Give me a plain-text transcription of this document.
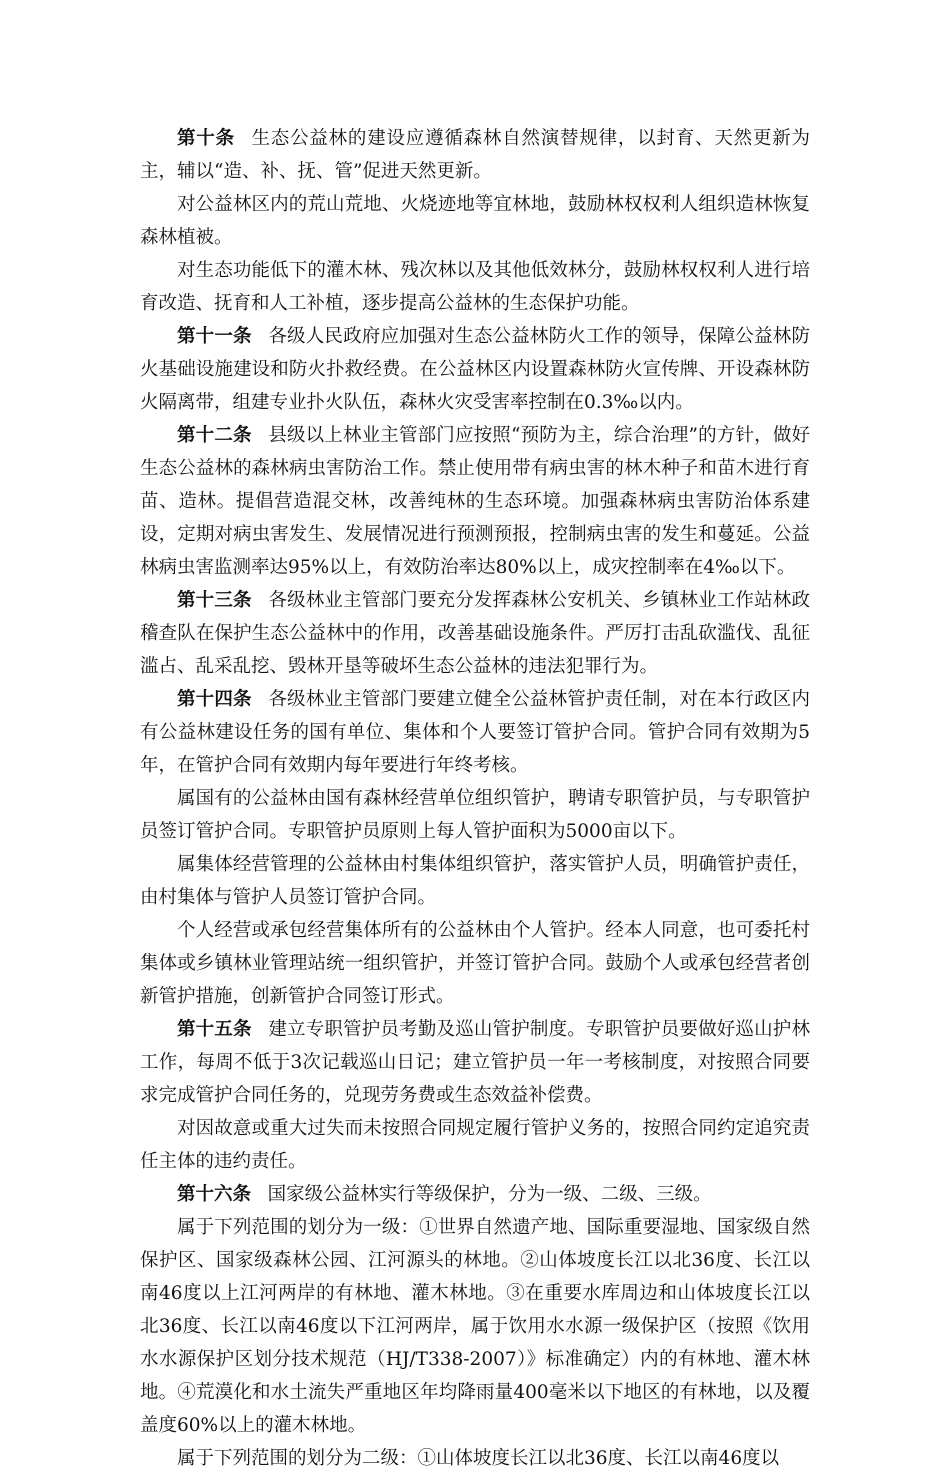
第十条 生态公益林的建设应遵循森林自然演替规律，以封育、天然更新为主，辅以“造、补、抚、管”促进天然更新。

对公益林区内的荒山荒地、火烧迹地等宜林地，鼓励林权权利人组织造林恢复森林植被。

对生态功能低下的灌木林、残次林以及其他低效林分，鼓励林权权利人进行培育改造、抚育和人工补植，逐步提高公益林的生态保护功能。

第十一条 各级人民政府应加强对生态公益林防火工作的领导，保障公益林防火基础设施建设和防火扑救经费。在公益林区内设置森林防火宣传牌、开设森林防火隔离带，组建专业扑火队伍，森林火灾受害率控制在0.3‰以内。

第十二条 县级以上林业主管部门应按照“预防为主，综合治理”的方针，做好生态公益林的森林病虫害防治工作。禁止使用带有病虫害的林木种子和苗木进行育苗、造林。提倡营造混交林，改善纯林的生态环境。加强森林病虫害防治体系建设，定期对病虫害发生、发展情况进行预测预报，控制病虫害的发生和蔓延。公益林病虫害监测率达95%以上，有效防治率达80%以上，成灾控制率在4‰以下。

第十三条 各级林业主管部门要充分发挥森林公安机关、乡镇林业工作站林政稽查队在保护生态公益林中的作用，改善基础设施条件。严厉打击乱砍滥伐、乱征滥占、乱采乱挖、毁林开垦等破坏生态公益林的违法犯罪行为。

第十四条 各级林业主管部门要建立健全公益林管护责任制，对在本行政区内有公益林建设任务的国有单位、集体和个人要签订管护合同。管护合同有效期为5年，在管护合同有效期内每年要进行年终考核。

属国有的公益林由国有森林经营单位组织管护，聘请专职管护员，与专职管护员签订管护合同。专职管护员原则上每人管护面积为5000亩以下。

属集体经营管理的公益林由村集体组织管护，落实管护人员，明确管护责任，由村集体与管护人员签订管护合同。

个人经营或承包经营集体所有的公益林由个人管护。经本人同意，也可委托村集体或乡镇林业管理站统一组织管护，并签订管护合同。鼓励个人或承包经营者创新管护措施，创新管护合同签订形式。

第十五条 建立专职管护员考勤及巡山管护制度。专职管护员要做好巡山护林工作，每周不低于3次记载巡山日记；建立管护员一年一考核制度，对按照合同要求完成管护合同任务的，兑现劳务费或生态效益补偿费。

对因故意或重大过失而未按照合同规定履行管护义务的，按照合同约定追究责任主体的违约责任。

第十六条 国家级公益林实行等级保护，分为一级、二级、三级。

属于下列范围的划分为一级：①世界自然遗产地、国际重要湿地、国家级自然保护区、国家级森林公园、江河源头的林地。②山体坡度长江以北36度、长江以南46度以上江河两岸的有林地、灌木林地。③在重要水库周边和山体坡度长江以北36度、长江以南46度以下江河两岸，属于饮用水水源一级保护区（按照《饮用水水源保护区划分技术规范（HJ/T338-2007）》标准确定）内的有林地、灌木林地。④荒漠化和水土流失严重地区年均降雨量400毫米以下地区的有林地，以及覆盖度60%以上的灌木林地。

属于下列范围的划分为二级：①山体坡度长江以北36度、长江以南46度以
